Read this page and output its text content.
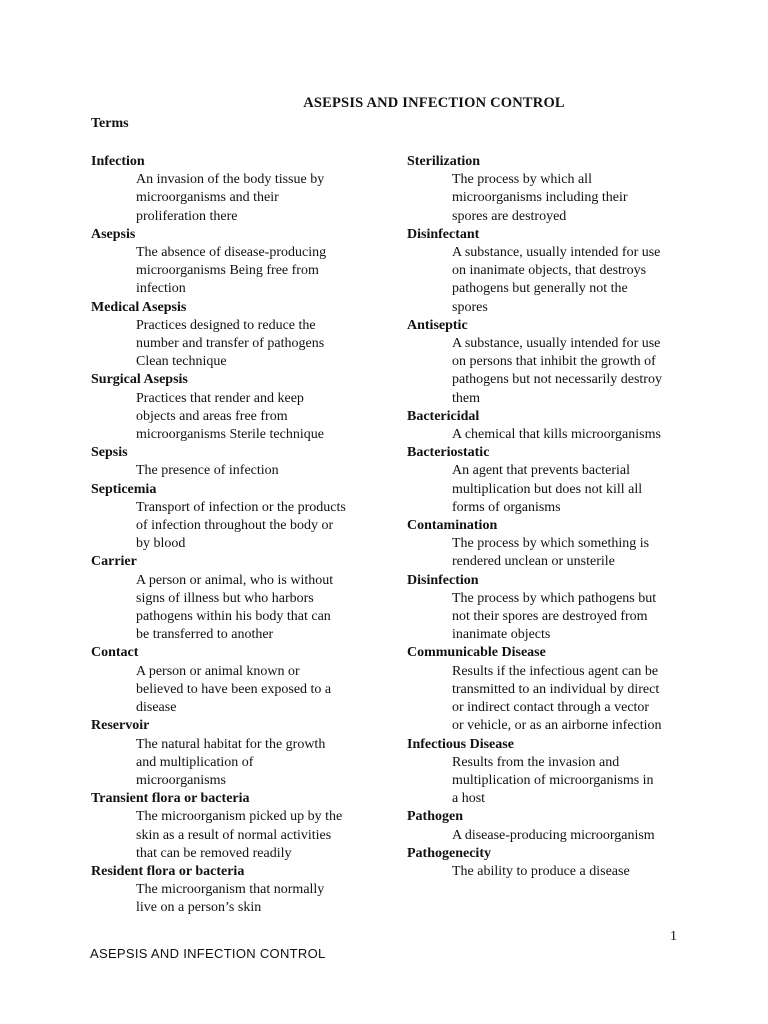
ASEPSIS AND INFECTION CONTROL
Terms
Infection
An invasion of the body tissue by
microorganisms and their
proliferation there
Asepsis
The absence of disease-producing
microorganisms Being free from
infection
Medical Asepsis
Practices designed to reduce the
number and transfer of pathogens
Clean technique
Surgical Asepsis
Practices that render and keep
objects and areas free from
microorganisms Sterile technique
Sepsis
The presence of infection
Septicemia
Transport of infection or the products
of infection throughout the body or
by blood
Carrier
A person or animal, who is without
signs of illness but who harbors
pathogens within his body that can
be transferred to another
Contact
A person or animal known or
believed to have been exposed to a
disease
Reservoir
The natural habitat for the growth
and multiplication of
microorganisms
Transient flora or bacteria
The microorganism picked up by the
skin as a result of normal activities
that can be removed readily
Resident flora or bacteria
The microorganism that normally
live on a person’s skin
Sterilization
The process by which all
microorganisms including their
spores are destroyed
Disinfectant
A substance, usually intended for use
on inanimate objects, that destroys
pathogens but generally not the
spores
Antiseptic
A substance, usually intended for use
on persons that inhibit the growth of
pathogens but not necessarily destroy
them
Bactericidal
A chemical that kills microorganisms
Bacteriostatic
An agent that prevents bacterial
multiplication but does not kill all
forms of organisms
Contamination
The process by which something is
rendered unclean or unsterile
Disinfection
The process by which pathogens but
not their spores are destroyed from
inanimate objects
Communicable Disease
Results if the infectious agent can be
transmitted to an individual by direct
or indirect contact through a vector
or vehicle, or as an airborne infection
Infectious Disease
Results from the invasion and
multiplication of microorganisms in
a host
Pathogen
A disease-producing microorganism
Pathogenecity
The ability to produce a disease
1
ASEPSIS AND INFECTION CONTROL
